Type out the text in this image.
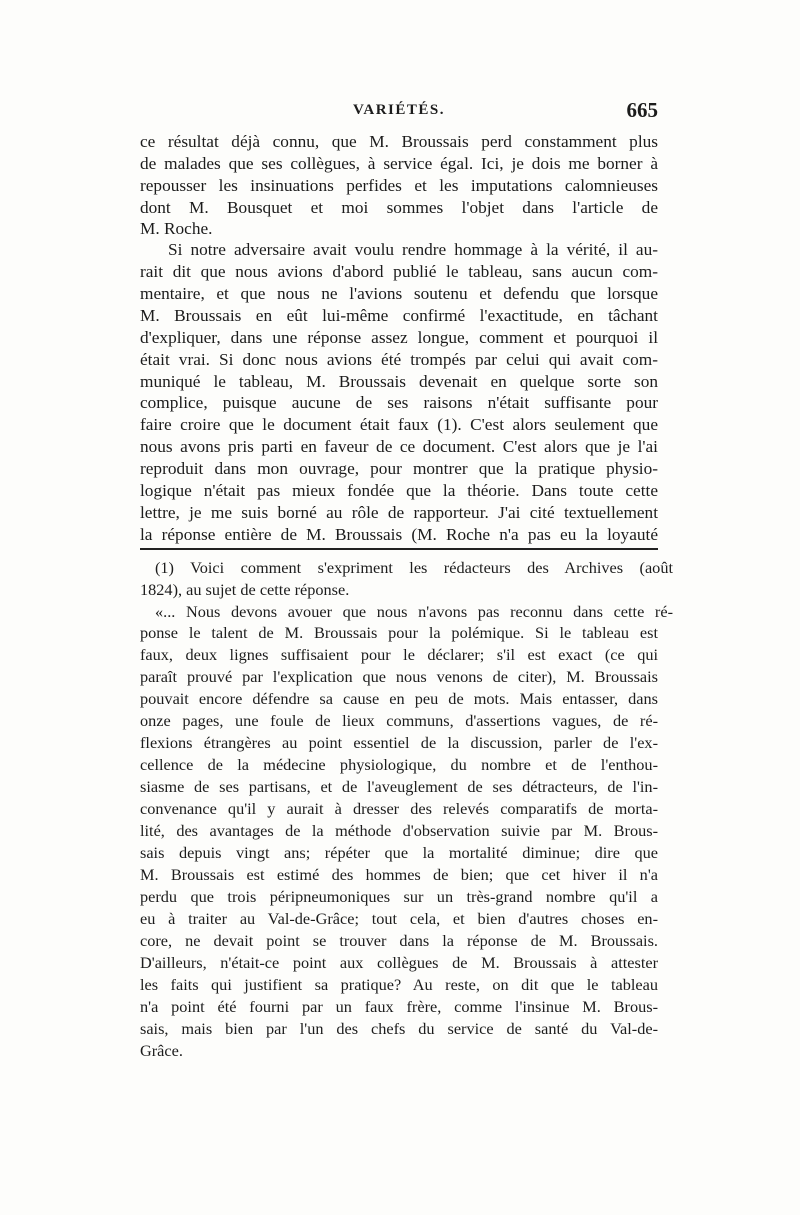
VARIÉTÉS.	665
ce résultat déjà connu, que M. Broussais perd constamment plus
de malades que ses collègues, à service égal. Ici, je dois me borner à
repousser les insinuations perfides et les imputations calomnieuses
dont M. Bousquet et moi sommes l'objet dans l'article de
M. Roche.
Si notre adversaire avait voulu rendre hommage à la vérité, il au-
rait dit que nous avions d'abord publié le tableau, sans aucun com-
mentaire, et que nous ne l'avions soutenu et defendu que lorsque
M. Broussais en eût lui-même confirmé l'exactitude, en tâchant
d'expliquer, dans une réponse assez longue, comment et pourquoi il
était vrai. Si donc nous avions été trompés par celui qui avait com-
muniqué le tableau, M. Broussais devenait en quelque sorte son
complice, puisque aucune de ses raisons n'était suffisante pour
faire croire que le document était faux (1). C'est alors seulement que
nous avons pris parti en faveur de ce document. C'est alors que je l'ai
reproduit dans mon ouvrage, pour montrer que la pratique physio-
logique n'était pas mieux fondée que la théorie. Dans toute cette
lettre, je me suis borné au rôle de rapporteur. J'ai cité textuellement
la réponse entière de M. Broussais (M. Roche n'a pas eu la loyauté
(1) Voici comment s'expriment les rédacteurs des Archives (août
1824), au sujet de cette réponse.
«... Nous devons avouer que nous n'avons pas reconnu dans cette ré-
ponse le talent de M. Broussais pour la polémique. Si le tableau est
faux, deux lignes suffisaient pour le déclarer; s'il est exact (ce qui
paraît prouvé par l'explication que nous venons de citer), M. Broussais
pouvait encore défendre sa cause en peu de mots. Mais entasser, dans
onze pages, une foule de lieux communs, d'assertions vagues, de ré-
flexions étrangères au point essentiel de la discussion, parler de l'ex-
cellence de la médecine physiologique, du nombre et de l'enthou-
siasme de ses partisans, et de l'aveuglement de ses détracteurs, de l'in-
convenance qu'il y aurait à dresser des relevés comparatifs de morta-
lité, des avantages de la méthode d'observation suivie par M. Brous-
sais depuis vingt ans; répéter que la mortalité diminue; dire que
M. Broussais est estimé des hommes de bien; que cet hiver il n'a
perdu que trois péripneumoniques sur un très-grand nombre qu'il a
eu à traiter au Val-de-Grâce; tout cela, et bien d'autres choses en-
core, ne devait point se trouver dans la réponse de M. Broussais.
D'ailleurs, n'était-ce point aux collègues de M. Broussais à attester
les faits qui justifient sa pratique? Au reste, on dit que le tableau
n'a point été fourni par un faux frère, comme l'insinue M. Brous-
sais, mais bien par l'un des chefs du service de santé du Val-de-
Grâce.
